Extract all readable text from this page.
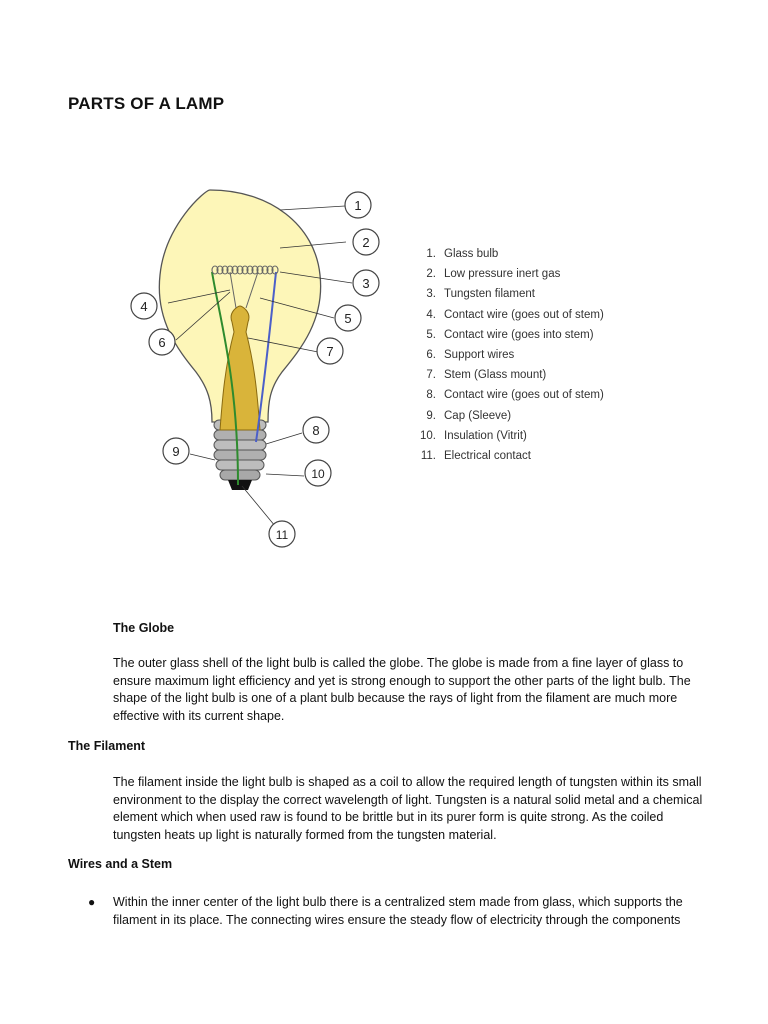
PARTS OF A LAMP
1
2
3
4
5
6
7
8
9
10
11
1. Glass bulb
2. Low pressure inert gas
3. Tungsten filament
4. Contact wire (goes out of stem)
5. Contact wire (goes into stem)
6. Support wires
7. Stem (Glass mount)
8. Contact wire (goes out of stem)
9. Cap (Sleeve)
10. Insulation (Vitrit)
11. Electrical contact
The Globe
The outer glass shell of the light bulb is called the globe. The globe is made from a fine layer of glass to ensure maximum light efficiency and yet is strong enough to support the other parts of the light bulb. The shape of the light bulb is one of a plant bulb because the rays of light from the filament are much more effective with its current shape.
The Filament
The filament inside the light bulb is shaped as a coil to allow the required length of tungsten within its small environment to the display the correct wavelength of light. Tungsten is a natural solid metal and a chemical element which when used raw is found to be brittle but in its purer form is quite strong. As the coiled tungsten heats up light is naturally formed from the tungsten material.
Wires and a Stem
● Within the inner center of the light bulb there is a centralized stem made from glass, which supports the filament in its place. The connecting wires ensure the steady flow of electricity through the components
